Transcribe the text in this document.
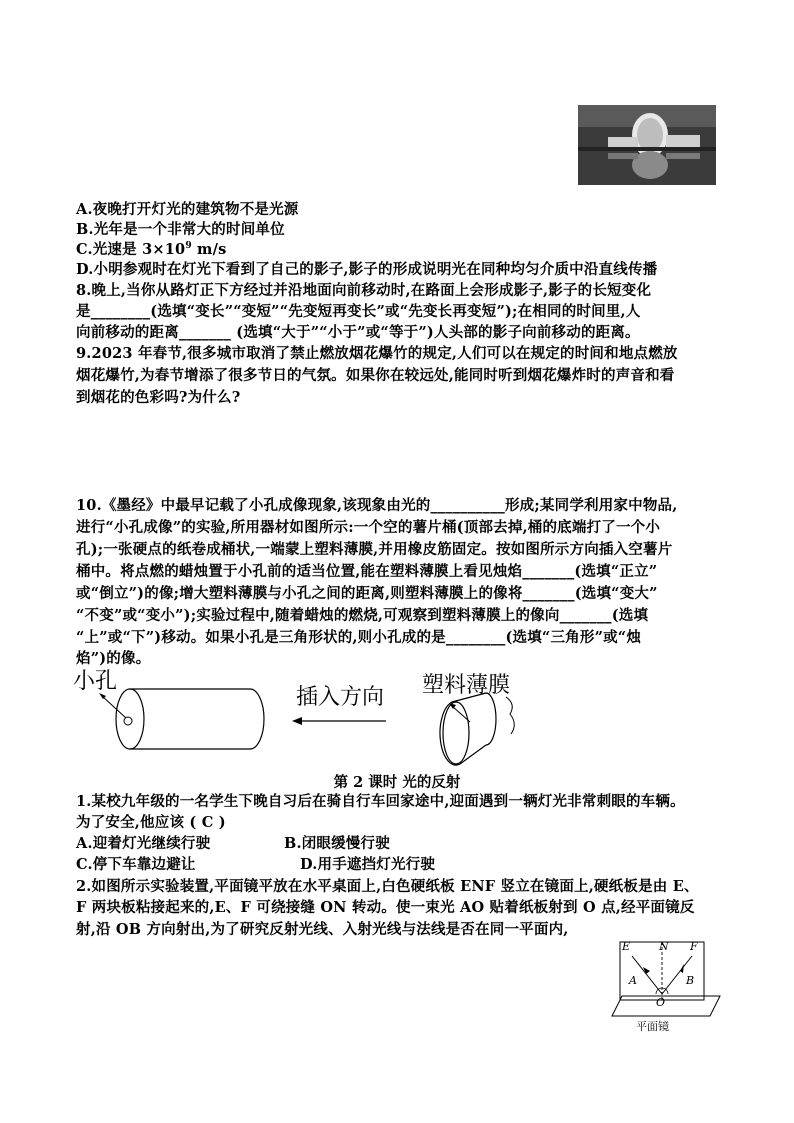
A.夜晚打开灯光的建筑物不是光源
B.光年是一个非常大的时间单位
C.光速是 $3\times 10^9$ m/s
D.小明参观时在灯光下看到了自己的影子,影子的形成说明光在同种均匀介质中沿直线传播
8.晚上,当你从路灯正下方经过并沿地面向前移动时,在路面上会形成影子,影子的长短变化
是________(选填“变长”“变短”“先变短再变长”或“先变长再变短”);在相同的时间里,人
向前移动的距离_______ (选填“大于”“小于”或“等于”)人头部的影子向前移动的距离。
9.2023 年春节,很多城市取消了禁止燃放烟花爆竹的规定,人们可以在规定的时间和地点燃放
烟花爆竹,为春节增添了很多节日的气氛。如果你在较远处,能同时听到烟花爆炸时的声音和看
到烟花的色彩吗?为什么?
10.《墨经》中最早记载了小孔成像现象,该现象由光的__________形成;某同学利用家中物品,
进行“小孔成像”的实验,所用器材如图所示:一个空的薯片桶(顶部去掉,桶的底端打了一个小
孔);一张硬点的纸卷成桶状,一端蒙上塑料薄膜,并用橡皮筋固定。按如图所示方向插入空薯片
桶中。将点燃的蜡烛置于小孔前的适当位置,能在塑料薄膜上看见烛焰_______(选填“正立”
或“倒立”)的像;增大塑料薄膜与小孔之间的距离,则塑料薄膜上的像将_______(选填“变大”
“不变”或“变小”);实验过程中,随着蜡烛的燃烧,可观察到塑料薄膜上的像向_______(选填
“上”或“下”)移动。如果小孔是三角形状的,则小孔成的是________(选填“三角形”或“烛
焰”)的像。
小孔
插入方向 塑料薄膜
第 2 课时 光的反射
1.某校九年级的一名学生下晚自习后在骑自行车回家途中,迎面遇到一辆灯光非常刺眼的车辆。
为了安全,他应该 ( C )
A.迎着灯光继续行驶	B.闭眼缓慢行驶
C.停下车靠边避让	D.用手遮挡灯光行驶
2.如图所示实验装置,平面镜平放在水平桌面上,白色硬纸板 ENF 竖立在镜面上,硬纸板是由 E、
F 两块板粘接起来的,E、F 可绕接缝 ON 转动。使一束光 AO 贴着纸板射到 O 点,经平面镜反
射,沿 OB 方向射出,为了研究反射光线、入射光线与法线是否在同一平面内,
E	N F
A	B
O
平面镜
